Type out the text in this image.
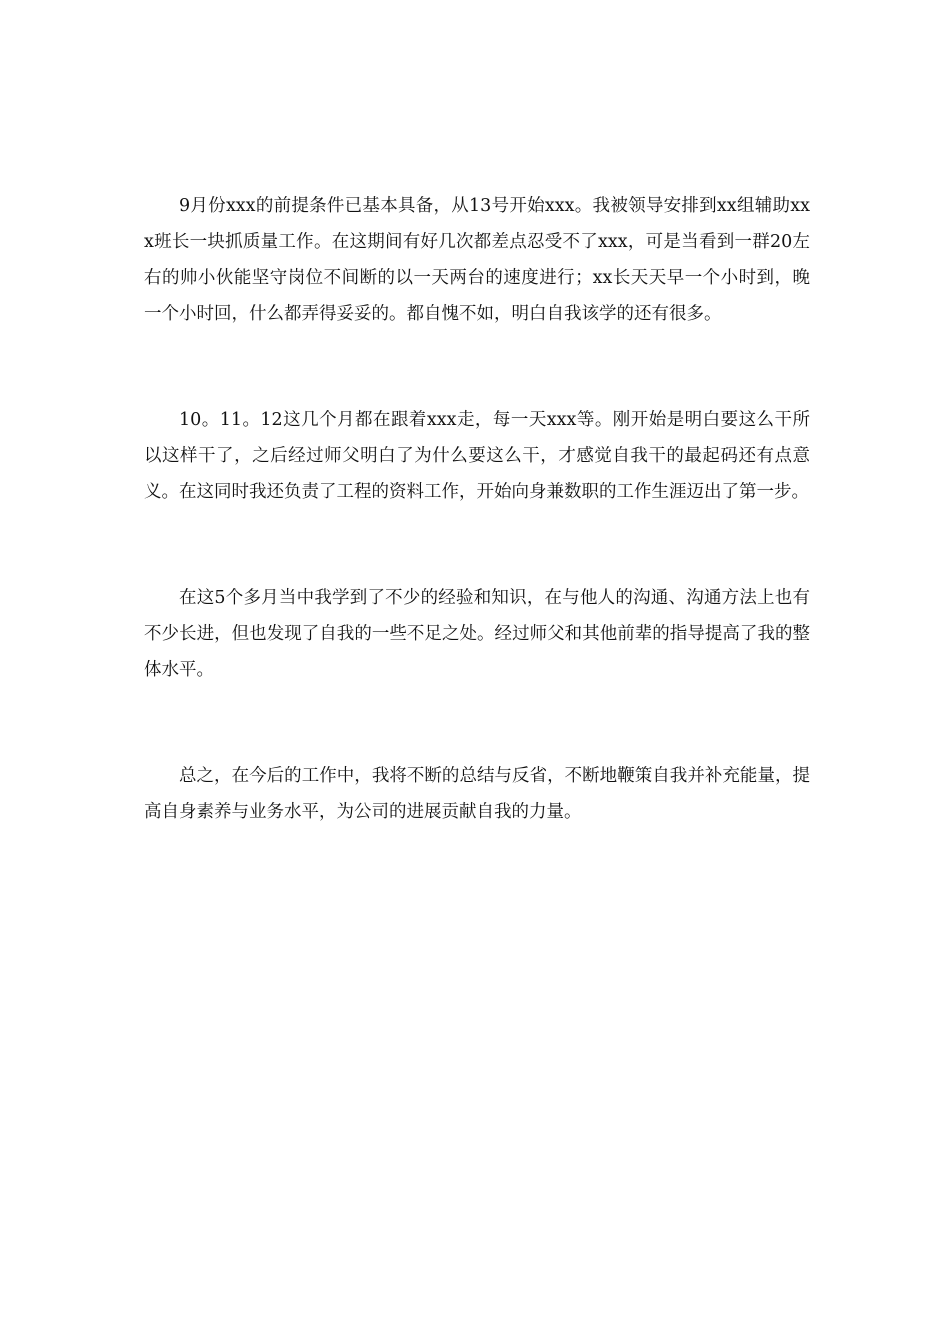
9月份xxx的前提条件已基本具备，从13号开始xxx。我被领导安排到xx组辅助xxx班长一块抓质量工作。在这期间有好几次都差点忍受不了xxx，可是当看到一群20左右的帅小伙能坚守岗位不间断的以一天两台的速度进行；xx长天天早一个小时到，晚一个小时回，什么都弄得妥妥的。都自愧不如，明白自我该学的还有很多。

10。11。12这几个月都在跟着xxx走，每一天xxx等。刚开始是明白要这么干所以这样干了，之后经过师父明白了为什么要这么干，才感觉自我干的最起码还有点意义。在这同时我还负责了工程的资料工作，开始向身兼数职的工作生涯迈出了第一步。

在这5个多月当中我学到了不少的经验和知识，在与他人的沟通、沟通方法上也有不少长进，但也发现了自我的一些不足之处。经过师父和其他前辈的指导提高了我的整体水平。

总之，在今后的工作中，我将不断的总结与反省，不断地鞭策自我并补充能量，提高自身素养与业务水平，为公司的进展贡献自我的力量。
